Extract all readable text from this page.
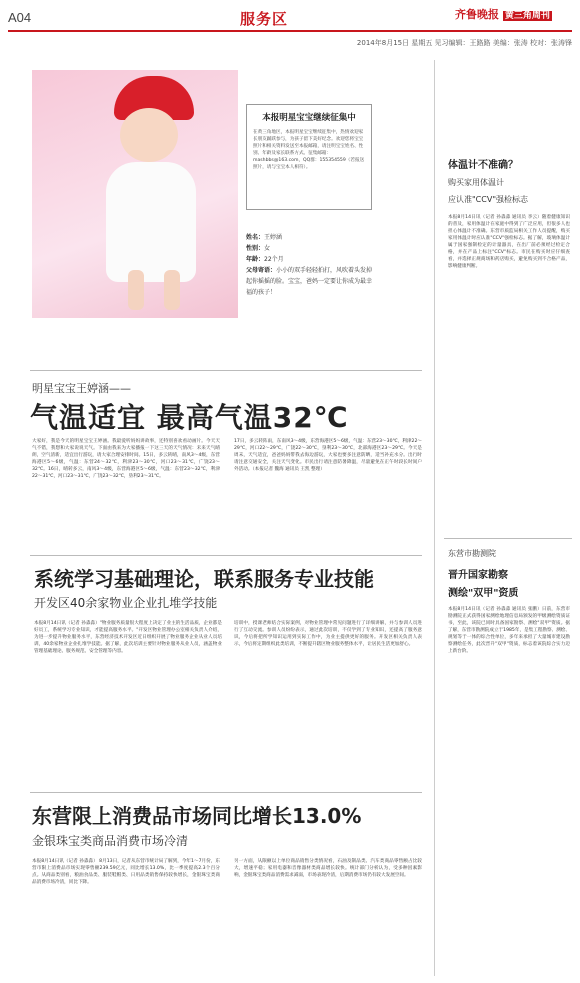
A04	服务区	齐鲁晚报 黄三角周刊
2014年8月15日 星期五 见习编辑：王路路 美编：张涛 校对：张涛锋
本报明星宝宝继续征集中
在黄三角地区，本报明星宝宝继续征集中，热情欢迎家长朋友踊跃参与，为孩子留下美好纪念。欢迎您将宝宝照片和相关资料发送至本报邮箱，请注明宝宝姓名、性别、年龄及家长联系方式。征集邮箱：mashbbs@163.com，QQ群：155354559（若报送照片，请与宝宝本人相符）。
姓名：王婷涵
性别：女
年龄：22个月
父母寄语：小小的双手轻轻拍打，风吹着头发掉起你摇摇的脸。宝宝，爸妈一定要让你成为最幸福的孩子！
明星宝宝王婷涵——
气温适宜 最高气温32℃
大家好，我是今天的明星宝宝王婷涵。我最爱听妈妈讲故事，还特别喜欢看动画片。今天天气不错，我想和大家说说天气。下面由我来为大家播报一下这三天的天气情况：未来天气晴朗，空气清新，适宜出行游玩，请大家合理安排时间。15日，多云转晴，南风3～4级，东营海港区5～6级，气温：东营24～32℃，利津23～30℃，河口23～31℃，广饶23～32℃。16日，晴转多云，南风3～4级，东营海港区5～6级，气温：东营23～32℃，利津22～31℃，河口23～31℃，广饶23～32℃，垦利23～31℃。
17日，多云转阵雨，东南风3～4级，东营海港区5～6级，气温：东营23～30℃，利津22～29℃，河口22～29℃，广饶22～30℃，垦利23～30℃，北部海港区23～29℃。今天是周末，天气适宜，爸爸妈妈带我去海边游玩，大家也要多注意防晒，适当补充水分。出行时请注意交通安全，关注天气变化。市民出行请注意防暑降温，尽量避免在正午时段长时间户外活动。（本报记者 魏海 通讯员 王凯 整理）
系统学习基础理论，联系服务专业技能
开发区40余家物业企业扎堆学技能
本报8月14日讯（记者 孙淼淼）"物业服务质量很大程度上决定了业主的生活品质，企业都是好员工，系统学习专业知识，才能提高服务水平。"开发区物业管理办公室相关负责人介绍，为进一步提升物业服务水平，东营经济技术开发区近日组织开展了物业服务企业从业人员培训，40余家物业企业扎堆学技能。据了解，此次培训主要针对物业服务从业人员，涵盖物业管理基础理论、服务规范、安全管理等内容。
培训中，授课老师结合实际案例，对物业管理中常见问题进行了详细讲解，并与参训人员进行了互动交流。参训人员纷纷表示，通过此次培训，不仅学到了专业知识，还提高了服务意识，今后将把所学知识运用到实际工作中，为业主提供更好的服务。开发区相关负责人表示，今后将定期组织此类培训，不断提升辖区物业服务整体水平，让居民生活更加舒心。
东营限上消费品市场同比增长13.0%
金银珠宝类商品消费市场冷清
本报8月14日讯（记者 孙淼淼） 8月13日，记者从东营市统计局了解到，今年1～7月份，东营市限上消费品市场实现零售额239.59亿元，同比增长13.0%，比一季度提高2.3个百分点。从商品类别看，粮油食品类、服装鞋帽类、日用品类销售保持较快增长，金银珠宝类商品消费市场冷清，同比下降。
另一方面，从限额以上单位商品销售分类情况看，石油及制品类、汽车类商品零售额占比较大，增速平稳；家用电器和音像器材类商品增长较快。统计部门分析认为，受多种因素影响，金银珠宝类商品消费需求减弱，市场表现冷清，后期消费市场仍有较大发展空间。
体温计不准确？
购买家用体温计
应认准"CCV"强检标志
本报8月14日讯（记者 孙淼淼 通讯员 李云）随着健康知识的普及，家用体温计在家庭中得到了广泛应用，但很多人也担心体温计不准确。东营市质监局相关工作人员提醒，购买家用体温计时应认准"CCV"强检标志。据了解，玻璃体温计属于国家强制检定的计量器具，在出厂前必须经过检定合格，并在产品上标注"CCV"标志。市民在购买时应仔细查看，并选择正规商场和药店购买，避免购买到不合格产品，影响健康判断。
东营市勘测院
晋升国家勘察
测绘"双甲"资质
本报8月14日讯（记者 孙淼淼 通讯员 张鹏）日前，东营市勘测院正式获得国家测绘地理信息局颁发的甲级测绘资质证书，至此，该院已同时具备国家勘察、测绘"双甲"资质。据了解，东营市勘测院成立于1985年，是集工程勘察、测绘、规划等于一体的综合性单位，多年来承担了大量城市建设勘察测绘任务，此次晋升"双甲"资质，标志着该院综合实力迈上新台阶。
